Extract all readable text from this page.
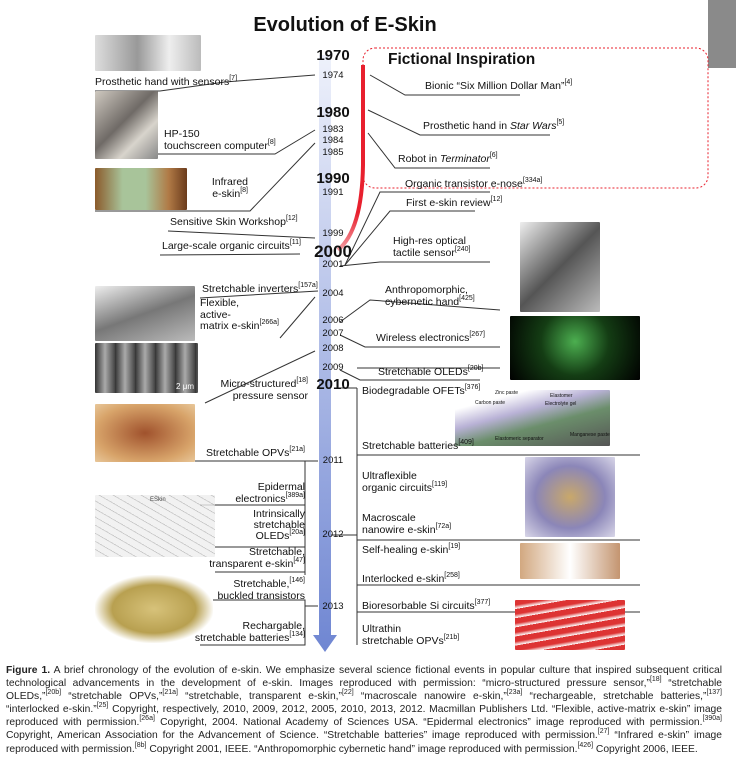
Evolution of E-Skin
2 μm
ESkin
Zinc paste	Elastomer
Carbon paste	Electrolyte gel
Manganese paste
Elastomeric separator
Fictional Inspiration
1970
1980
1990
2000
2010
1974
1983
1984
1985
1991
1999
2001
2004
2006
2007
2008
2009
2011
2012
2013
Bionic “Six Million Dollar Man”[4]
Prosthetic hand in Star Wars[5]
Robot in Terminator[6]
Prosthetic hand with sensors[7]
HP-150
touchscreen computer[8]
Infrared
e-skin[8]
Sensitive Skin Workshop[12]
Large-scale organic circuits[11]
Stretchable inverters[157a]
Flexible,
active-
matrix e-skin[266a]
Micro-structured[18]
pressure sensor
Stretchable OPVs[21a]
Epidermal
electronics[389a]
Intrinsically
stretchable
OLEDs[20a]
Stretchable,
transparent e-skin[47]
Stretchable,[146]
buckled transistors
Rechargable,
stretchable batteries[134]
Organic transistor e-nose[334a]
First e-skin review[12]
High-res optical
tactile sensor[240]
Anthropomorphic,
cybernetic hand[425]
Wireless electronics[267]
Stretchable OLEDs[20b]
Biodegradable OFETs[376]
Stretchable batteries[409]
Ultraflexible
organic circuits[119]
Macroscale
nanowire e-skin[72a]
Self-healing e-skin[19]
Interlocked e-skin[258]
Bioresorbable Si circuits[377]
Ultrathin
stretchable OPVs[21b]
Figure 1. A brief chronology of the evolution of e-skin. We emphasize several science fictional events in popular culture that inspired subsequent critical technological advancements in the development of e-skin. Images reproduced with permission: “micro-structured pressure sensor,”[18] “stretchable OLEDs,”[20b] “stretchable OPVs,”[21a] “stretchable, transparent e-skin,”[22] “macroscale nanowire e-skin,”[23a] “rechargeable, stretchable batteries,”[137] “interlocked e-skin.”[25] Copyright, respectively, 2010, 2009, 2012, 2005, 2010, 2013, 2012. Macmillan Publishers Ltd. “Flexible, active-matrix e-skin” image reproduced with permission.[26a] Copyright, 2004. National Academy of Sciences USA. “Epidermal electronics” image reproduced with permission.[390a] Copyright, American Association for the Advancement of Science. “Stretchable batteries” image reproduced with permission.[27] “Infrared e-skin” image reproduced with permission.[8b] Copyright 2001, IEEE. “Anthropomorphic cybernetic hand” image reproduced with permission.[426] Copyright 2006, IEEE.
